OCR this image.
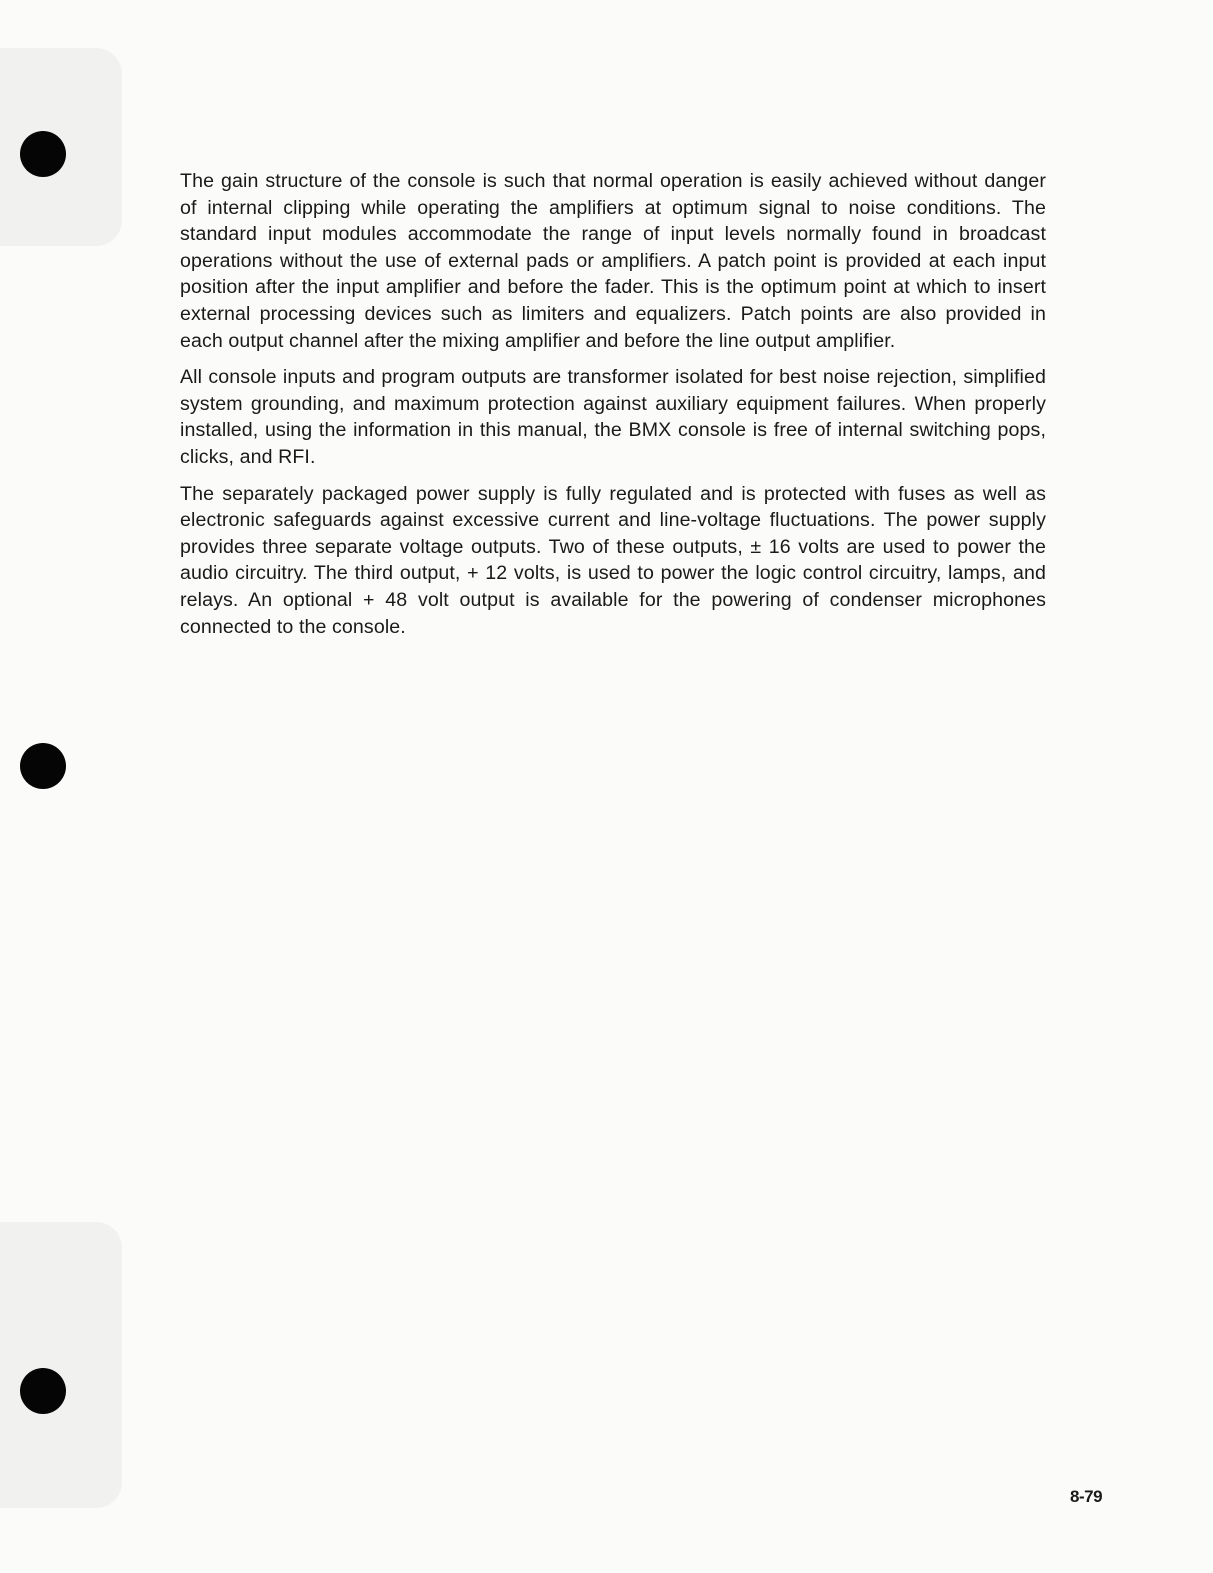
The gain structure of the console is such that normal operation is easily achieved without danger of internal clipping while operating the amplifiers at optimum signal to noise conditions. The standard input modules accommodate the range of input levels normally found in broadcast operations without the use of external pads or amplifiers. A patch point is provided at each input position after the input amplifier and before the fader. This is the optimum point at which to insert external processing devices such as limiters and equalizers. Patch points are also provided in each output channel after the mixing amplifier and before the line output amplifier.

All console inputs and program outputs are transformer isolated for best noise rejection, simplified system grounding, and maximum protection against auxiliary equipment failures. When properly installed, using the information in this manual, the BMX console is free of internal switching pops, clicks, and RFI.

The separately packaged power supply is fully regulated and is protected with fuses as well as electronic safeguards against excessive current and line-voltage fluctuations. The power supply provides three separate voltage outputs. Two of these outputs, ± 16 volts are used to power the audio circuitry. The third output, + 12 volts, is used to power the logic control circuitry, lamps, and relays. An optional + 48 volt output is available for the powering of condenser microphones connected to the console.

8-79
